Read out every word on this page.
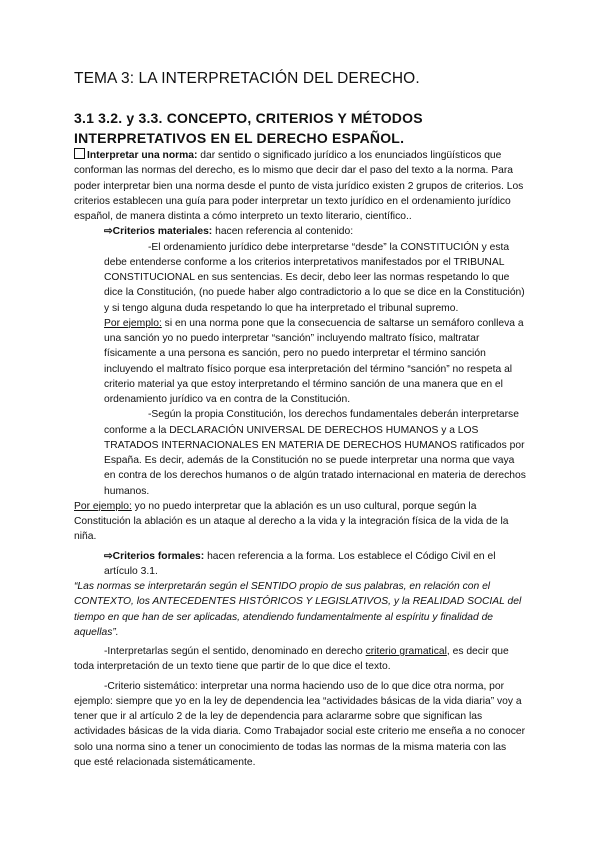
TEMA 3: LA INTERPRETACIÓN DEL DERECHO.
3.1 3.2. y 3.3. CONCEPTO, CRITERIOS Y MÉTODOS INTERPRETATIVOS EN EL DERECHO ESPAÑOL.

Interpretar una norma: dar sentido o significado jurídico a los enunciados lingüísticos que conforman las normas del derecho, es lo mismo que decir dar el paso del texto a la norma. Para poder interpretar bien una norma desde el punto de vista jurídico existen 2 grupos de criterios. Los criterios establecen una guía para poder interpretar un texto jurídico en el ordenamiento jurídico español, de manera distinta a cómo interpreto un texto literario, científico..

⇨Criterios materiales: hacen referencia al contenido:

-El ordenamiento jurídico debe interpretarse “desde” la CONSTITUCIÓN y esta debe entenderse conforme a los criterios interpretativos manifestados por el TRIBUNAL CONSTITUCIONAL en sus sentencias. Es decir, debo leer las normas respetando lo que dice la Constitución, (no puede haber algo contradictorio a lo que se dice en la Constitución) y si tengo alguna duda respetando lo que ha interpretado el tribunal supremo.

Por ejemplo: si en una norma pone que la consecuencia de saltarse un semáforo conlleva a una sanción yo no puedo interpretar “sanción” incluyendo maltrato físico, maltratar físicamente a una persona es sanción, pero no puedo interpretar el término sanción incluyendo el maltrato físico porque esa interpretación del término “sanción” no respeta al criterio material ya que estoy interpretando el término sanción de una manera que en el ordenamiento jurídico va en contra de la Constitución.

-Según la propia Constitución, los derechos fundamentales deberán interpretarse conforme a la DECLARACIÓN UNIVERSAL DE DERECHOS HUMANOS y a LOS TRATADOS INTERNACIONALES EN MATERIA DE DERECHOS HUMANOS ratificados por España. Es decir, además de la Constitución no se puede interpretar una norma que vaya en contra de los derechos humanos o de algún tratado internacional en materia de derechos humanos.

Por ejemplo: yo no puedo interpretar que la ablación es un uso cultural, porque según la Constitución la ablación es un ataque al derecho a la vida y la integración física de la vida de la niña.

⇨Criterios formales: hacen referencia a la forma. Los establece el Código Civil en el artículo 3.1.

“Las normas se interpretarán según el SENTIDO propio de sus palabras, en relación con el CONTEXTO, los ANTECEDENTES HISTÓRICOS Y LEGISLATIVOS, y la REALIDAD SOCIAL del tiempo en que han de ser aplicadas, atendiendo fundamentalmente al espíritu y finalidad de aquellas”.

-Interpretarlas según el sentido, denominado en derecho criterio gramatical, es decir que toda interpretación de un texto tiene que partir de lo que dice el texto.

-Criterio sistemático: interpretar una norma haciendo uso de lo que dice otra norma, por ejemplo: siempre que yo en la ley de dependencia lea “actividades básicas de la vida diaria” voy a tener que ir al artículo 2 de la ley de dependencia para aclararme sobre que significan las actividades básicas de la vida diaria. Como Trabajador social este criterio me enseña a no conocer solo una norma sino a tener un conocimiento de todas las normas de la misma materia con las que esté relacionada sistemáticamente.
